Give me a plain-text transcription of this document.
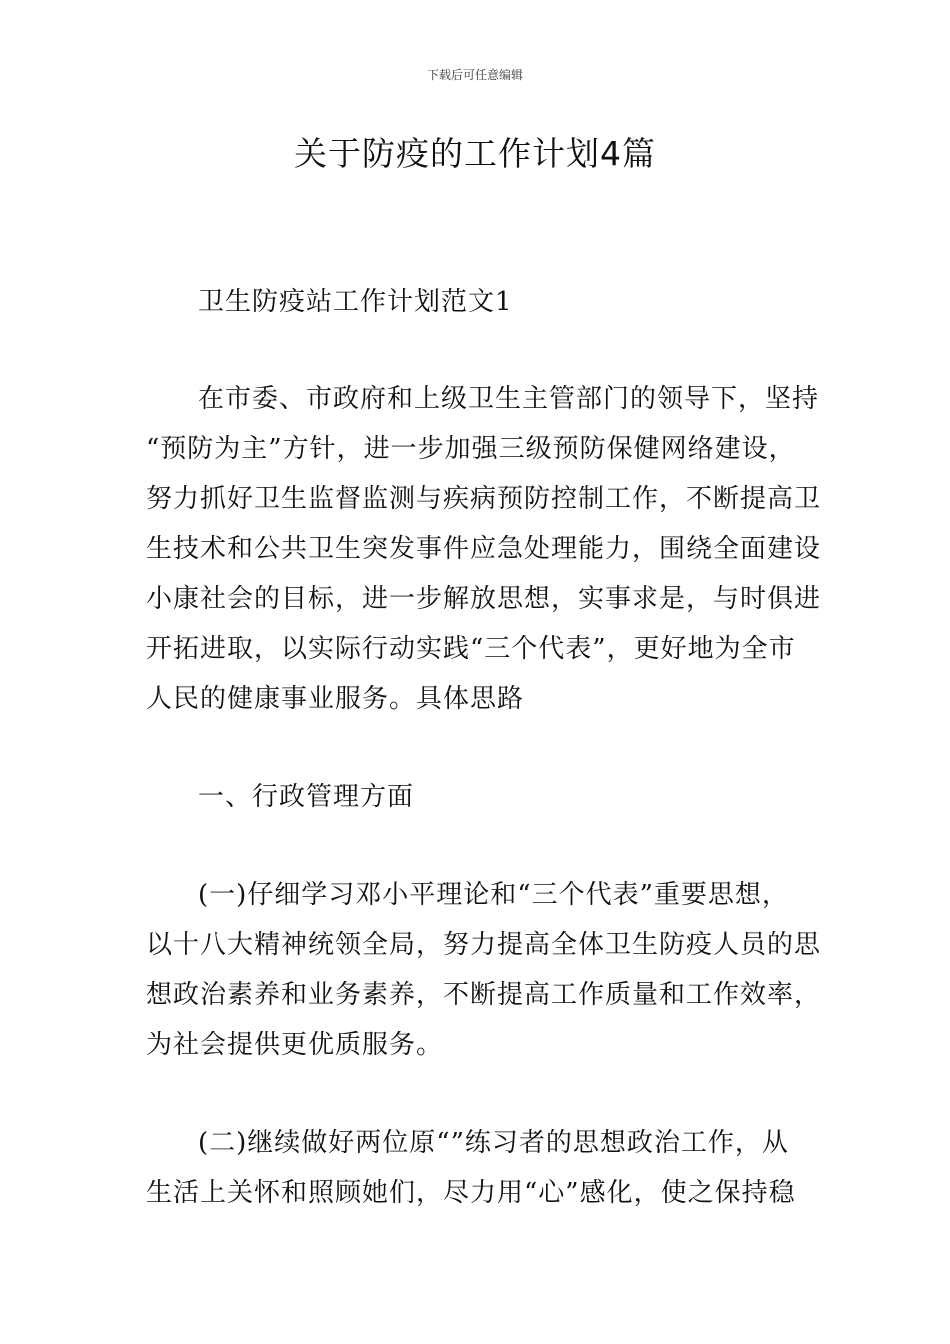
下载后可任意编辑
关于防疫的工作计划4篇
卫生防疫站工作计划范文1
在市委、市政府和上级卫生主管部门的领导下，坚持
“预防为主”方针，进一步加强三级预防保健网络建设，
努力抓好卫生监督监测与疾病预防控制工作，不断提高卫
生技术和公共卫生突发事件应急处理能力，围绕全面建设
小康社会的目标，进一步解放思想，实事求是，与时俱进
开拓进取，以实际行动实践“三个代表”，更好地为全市
人民的健康事业服务。具体思路
一、行政管理方面
(一)仔细学习邓小平理论和“三个代表”重要思想，
以十八大精神统领全局，努力提高全体卫生防疫人员的思
想政治素养和业务素养，不断提高工作质量和工作效率，
为社会提供更优质服务。
(二)继续做好两位原“”练习者的思想政治工作，从
生活上关怀和照顾她们，尽力用“心”感化，使之保持稳
